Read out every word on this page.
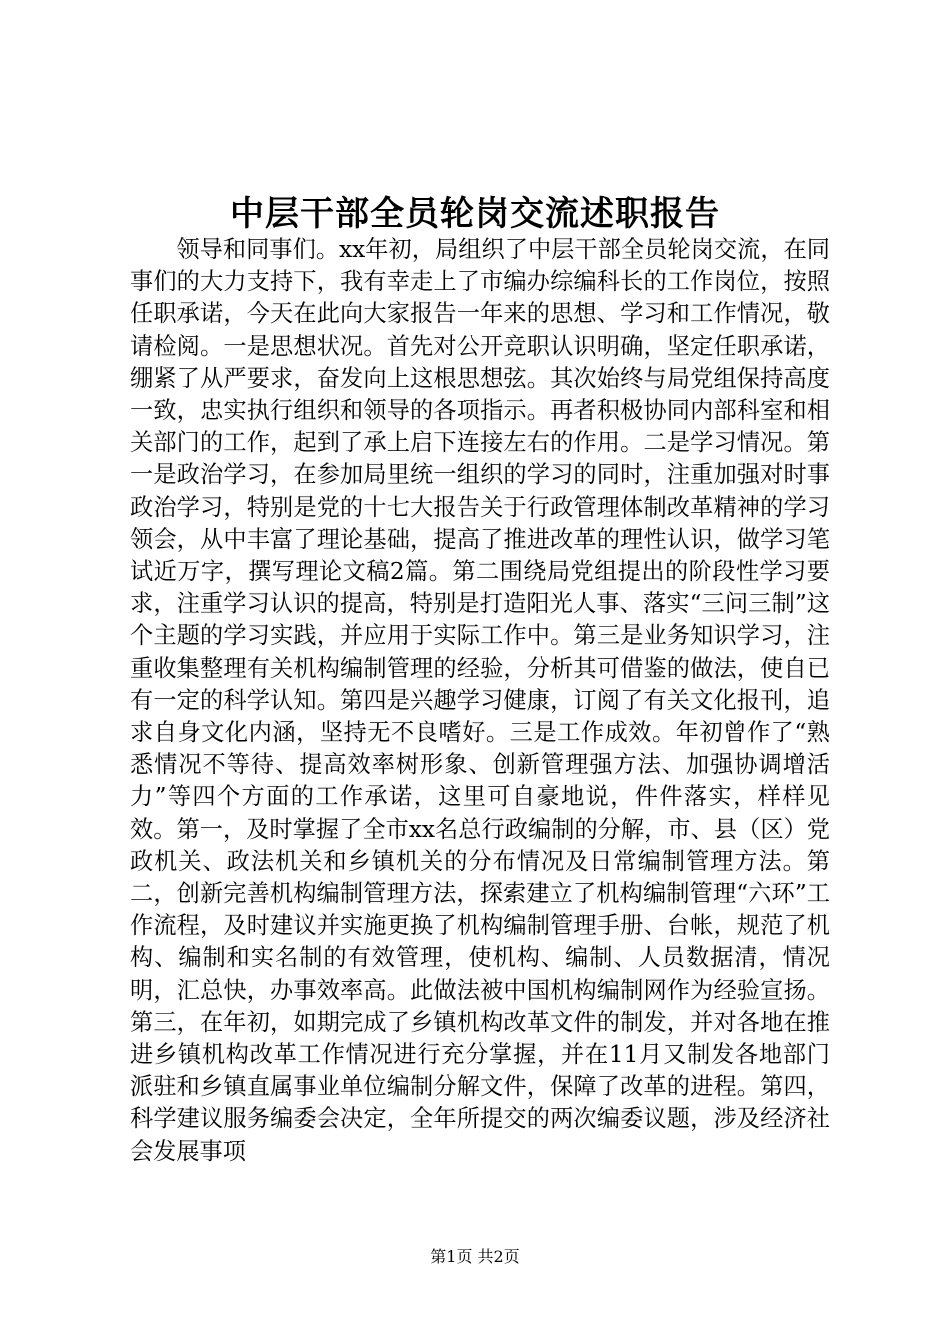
中层干部全员轮岗交流述职报告

领导和同事们。xx年初，局组织了中层干部全员轮岗交流，在同事们的大力支持下，我有幸走上了市编办综编科长的工作岗位，按照任职承诺，今天在此向大家报告一年来的思想、学习和工作情况，敬请检阅。一是思想状况。首先对公开竞职认识明确，坚定任职承诺，绷紧了从严要求，奋发向上这根思想弦。其次始终与局党组保持高度一致，忠实执行组织和领导的各项指示。再者积极协同内部科室和相关部门的工作，起到了承上启下连接左右的作用。二是学习情况。第一是政治学习，在参加局里统一组织的学习的同时，注重加强对时事政治学习，特别是党的十七大报告关于行政管理体制改革精神的学习领会，从中丰富了理论基础，提高了推进改革的理性认识，做学习笔试近万字，撰写理论文稿2篇。第二围绕局党组提出的阶段性学习要求，注重学习认识的提高，特别是打造阳光人事、落实“三问三制”这个主题的学习实践，并应用于实际工作中。第三是业务知识学习，注重收集整理有关机构编制管理的经验，分析其可借鉴的做法，使自已有一定的科学认知。第四是兴趣学习健康，订阅了有关文化报刊，追求自身文化内涵，坚持无不良嗜好。三是工作成效。年初曾作了“熟悉情况不等待、提高效率树形象、创新管理强方法、加强协调增活力”等四个方面的工作承诺，这里可自豪地说，件件落实，样样见效。第一，及时掌握了全市xx名总行政编制的分解，市、县（区）党政机关、政法机关和乡镇机关的分布情况及日常编制管理方法。第二，创新完善机构编制管理方法，探索建立了机构编制管理“六环”工作流程，及时建议并实施更换了机构编制管理手册、台帐，规范了机构、编制和实名制的有效管理，使机构、编制、人员数据清，情况明，汇总快，办事效率高。此做法被中国机构编制网作为经验宣扬。第三，在年初，如期完成了乡镇机构改革文件的制发，并对各地在推进乡镇机构改革工作情况进行充分掌握，并在11月又制发各地部门派驻和乡镇直属事业单位编制分解文件，保障了改革的进程。第四，科学建议服务编委会决定，全年所提交的两次编委议题，涉及经济社会发展事项

第1页 共2页
